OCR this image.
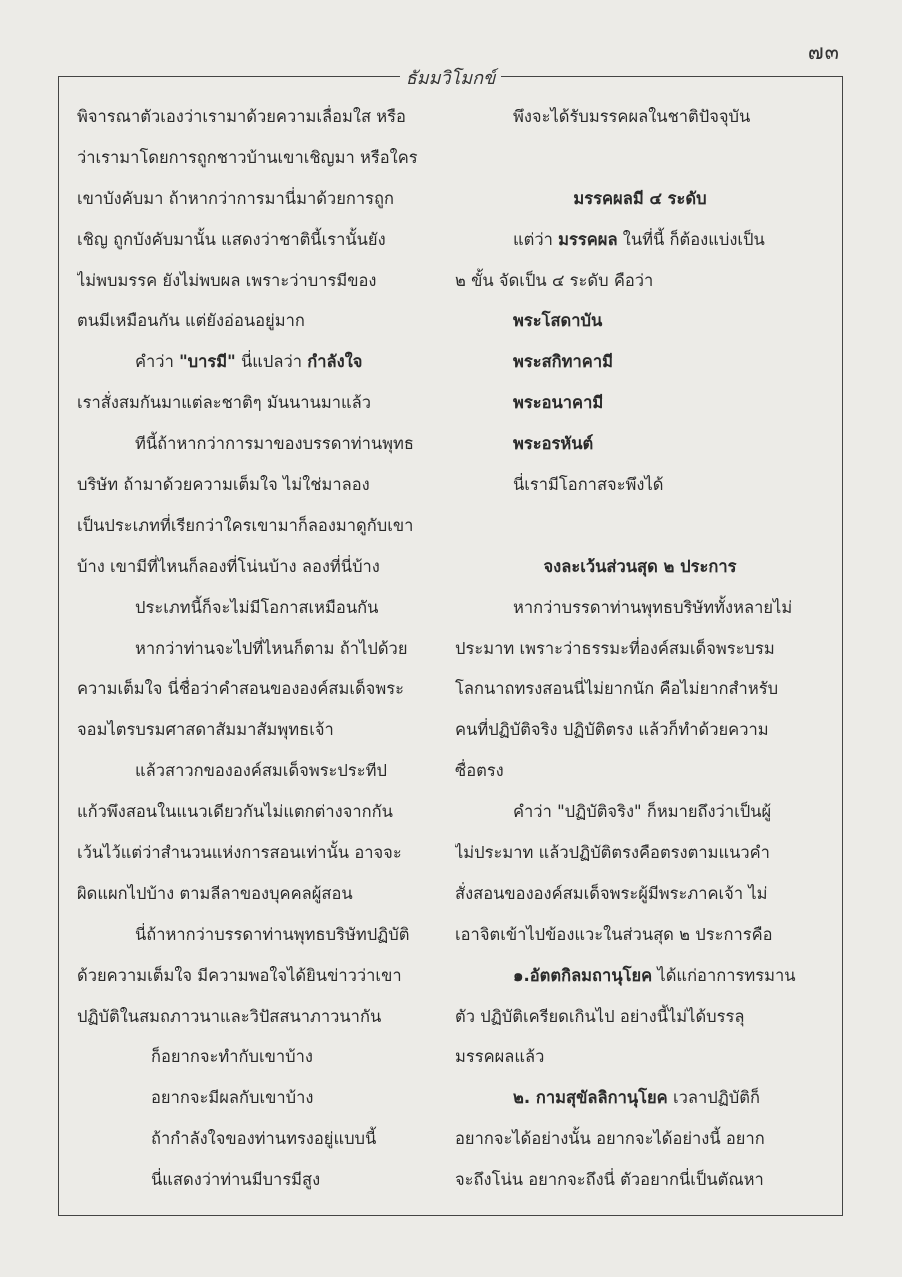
๗๓
ธัมมวิโมกข์
พิจารณาตัวเองว่าเรามาด้วยความเลื่อมใส หรือ
ว่าเรามาโดยการถูกชาวบ้านเขาเชิญมา หรือใคร
เขาบังคับมา ถ้าหากว่าการมานี่มาด้วยการถูก
เชิญ ถูกบังคับมานั้น แสดงว่าชาตินี้เรานั้นยัง
ไม่พบมรรค ยังไม่พบผล เพราะว่าบารมีของ
ตนมีเหมือนกัน แต่ยังอ่อนอยู่มาก
คำว่า "บารมี" นี่แปลว่า กำลังใจ
เราสั่งสมกันมาแต่ละชาติๆ มันนานมาแล้ว
ทีนี้ถ้าหากว่าการมาของบรรดาท่านพุทธ
บริษัท ถ้ามาด้วยความเต็มใจ ไม่ใช่มาลอง
เป็นประเภทที่เรียกว่าใครเขามาก็ลองมาดูกับเขา
บ้าง เขามีที่ไหนก็ลองที่โน่นบ้าง ลองที่นี่บ้าง
ประเภทนี้ก็จะไม่มีโอกาสเหมือนกัน
หากว่าท่านจะไปที่ไหนก็ตาม ถ้าไปด้วย
ความเต็มใจ นี่ชื่อว่าคำสอนขององค์สมเด็จพระ
จอมไตรบรมศาสดาสัมมาสัมพุทธเจ้า
แล้วสาวกขององค์สมเด็จพระประทีป
แก้วพึงสอนในแนวเดียวกันไม่แตกต่างจากกัน
เว้นไว้แต่ว่าสำนวนแห่งการสอนเท่านั้น อาจจะ
ผิดแผกไปบ้าง ตามลีลาของบุคคลผู้สอน
นี่ถ้าหากว่าบรรดาท่านพุทธบริษัทปฏิบัติ
ด้วยความเต็มใจ มีความพอใจได้ยินข่าวว่าเขา
ปฏิบัติในสมถภาวนาและวิปัสสนาภาวนากัน
ก็อยากจะทำกับเขาบ้าง
อยากจะมีผลกับเขาบ้าง
ถ้ากำลังใจของท่านทรงอยู่แบบนี้
นี่แสดงว่าท่านมีบารมีสูง
พึงจะได้รับมรรคผลในชาติปัจจุบัน
มรรคผลมี ๔ ระดับ
แต่ว่า มรรคผล ในที่นี้ ก็ต้องแบ่งเป็น
๒ ขั้น จัดเป็น ๔ ระดับ คือว่า
พระโสดาบัน
พระสกิทาคามี
พระอนาคามี
พระอรหันต์
นี่เรามีโอกาสจะพึงได้
จงละเว้นส่วนสุด ๒ ประการ
หากว่าบรรดาท่านพุทธบริษัททั้งหลายไม่
ประมาท เพราะว่าธรรมะที่องค์สมเด็จพระบรม
โลกนาถทรงสอนนี่ไม่ยากนัก คือไม่ยากสำหรับ
คนที่ปฏิบัติจริง ปฏิบัติตรง แล้วก็ทำด้วยความ
ซื่อตรง
คำว่า "ปฏิบัติจริง" ก็หมายถึงว่าเป็นผู้
ไม่ประมาท แล้วปฏิบัติตรงคือตรงตามแนวคำ
สั่งสอนขององค์สมเด็จพระผู้มีพระภาคเจ้า ไม่
เอาจิตเข้าไปข้องแวะในส่วนสุด ๒ ประการคือ
๑.อัตตกิลมถานุโยค ได้แก่อาการทรมาน
ตัว ปฏิบัติเครียดเกินไป อย่างนี้ไม่ได้บรรลุ
มรรคผลแล้ว
๒. กามสุขัลลิกานุโยค เวลาปฏิบัติก็
อยากจะได้อย่างนั้น อยากจะได้อย่างนี้ อยาก
จะถึงโน่น อยากจะถึงนี่ ตัวอยากนี่เป็นตัณหา
